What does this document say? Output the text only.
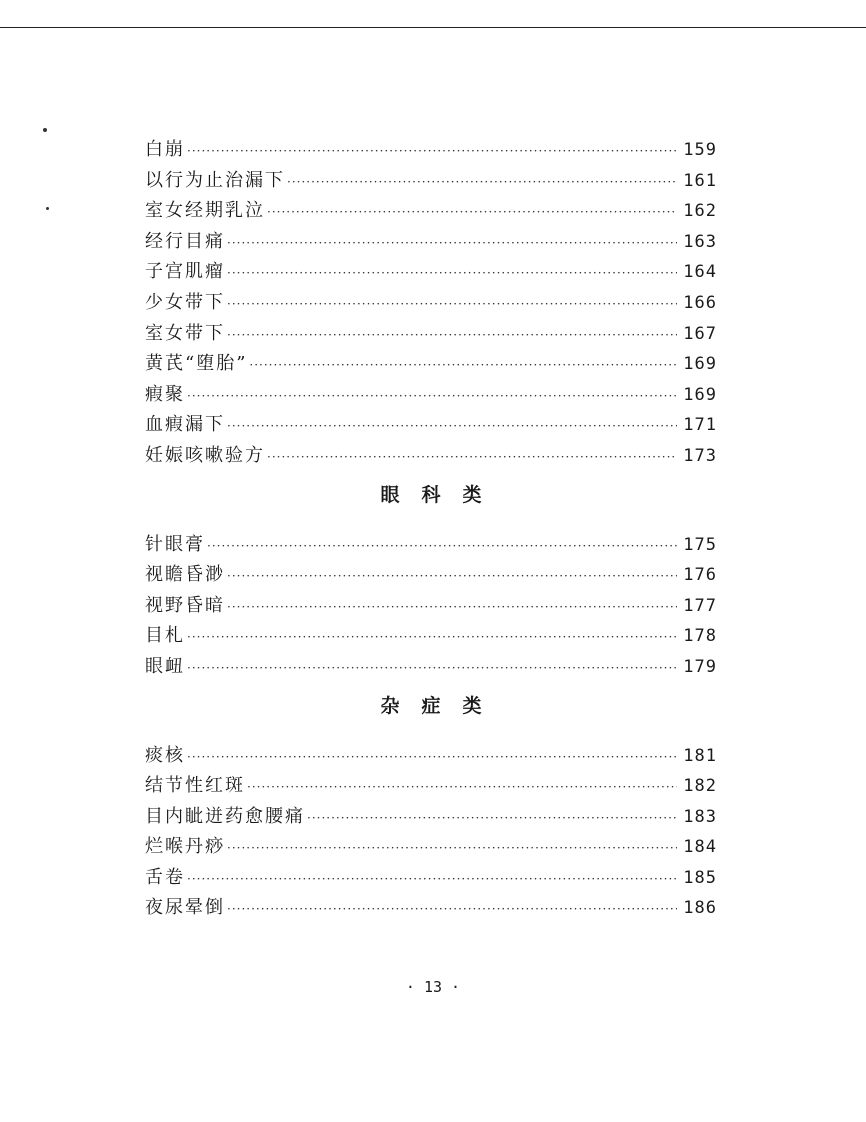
白崩 ·····	159
以行为止治漏下 ·····	161
室女经期乳泣 ·····	162
经行目痛 ·····	163
子宫肌瘤 ·····	164
少女带下 ·····	166
室女带下 ·····	167
黄芪“堕胎” ·····	169
瘕聚 ·····	169
血瘕漏下 ·····	171
妊娠咳嗽验方 ·····	173
眼科类
针眼膏 ·····	175
视瞻昏渺 ·····	176
视野昏暗 ·····	177
目札 ·····	178
眼衄 ·····	179
杂症类
痰核 ·····	181
结节性红斑 ·····	182
目内眦迸药愈腰痛 ·····	183
烂喉丹痧 ·····	184
舌卷 ·····	185
夜尿晕倒 ·····	186
· 13 ·
